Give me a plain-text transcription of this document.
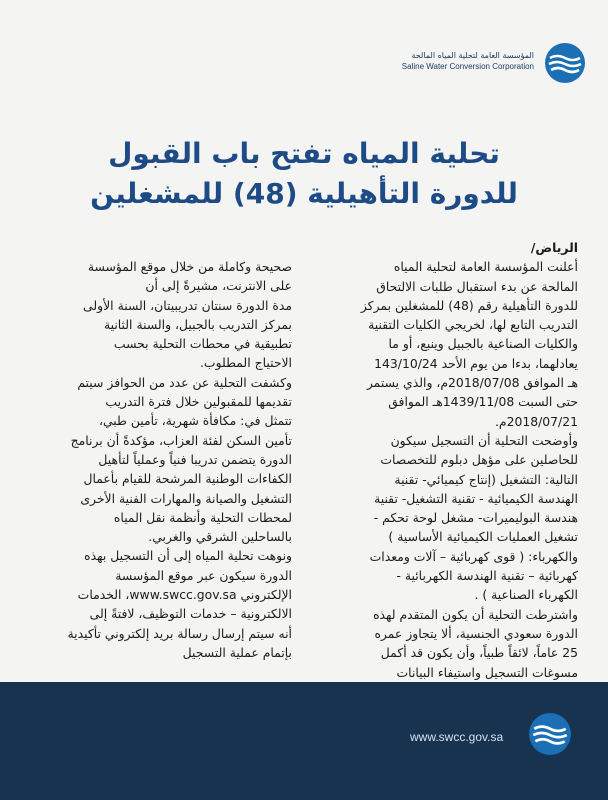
المؤسسة العامة لتحلية المياه المالحة
Saline Water Conversion Corporation
تحلية المياه تفتح باب القبول
للدورة التأهيلية (48) للمشغلين
الرياض/
أعلنت المؤسسة العامة لتحلية المياه
المالحة عن بدء استقبال طلبات الالتحاق
للدورة التأهيلية رقم (48) للمشغلين بمركز
التدريب التابع لها، لخريجي الكليات التقنية
والكليات الصناعية بالجبيل وينبع، أو ما
يعادلهما، بدءا من يوم الأحد 143/10/24
هـ الموافق 2018/07/08م، والذي يستمر
حتى السبت 1439/11/08هـ الموافق
2018/07/21م.
وأوضحت التحلية أن التسجيل سيكون
للحاصلين على مؤهل دبلوم للتخصصات
التالية: التشغيل (إنتاج كيميائي- تقنية
الهندسة الكيميائية - تقنية التشغيل- تقنية
هندسة البوليميرات- مشغل لوحة تحكم -
تشغيل العمليات الكيميائية الأساسية )
والكهرباء: ( قوى كهربائية – آلات ومعدات
كهربائية – تقنية الهندسة الكهربائية -
الكهرباء الصناعية ) .
واشترطت التحلية أن يكون المتقدم لهذه
الدورة سعودي الجنسية، ألا يتجاوز عمره
25 عاماً، لائقاً طبياً، وأن يكون قد أكمل
مسوغات التسجيل واستيفاء البيانات
صحيحة وكاملة من خلال موقع المؤسسة
على الانترنت، مشيرةً إلى أن
مدة الدورة سنتان تدريبيتان، السنة الأولى
بمركز التدريب بالجبيل، والسنة الثانية
تطبيقية في محطات التحلية بحسب
الاحتياج المطلوب.
وكشفت التحلية عن عدد من الحوافز سيتم
تقديمها للمقبولين خلال فترة التدريب
تتمثل في: مكافأة شهرية، تأمين طبي،
تأمين السكن لفئة العزاب، مؤكدةً أن برنامج
الدورة يتضمن تدريبا فنياً وعملياً لتأهيل
الكفاءات الوطنية المرشحة للقيام بأعمال
التشغيل والصيانة والمهارات الفنية الأخرى
لمحطات التحلية وأنظمة نقل المياه
بالساحلين الشرقي والغربي.
ونوهت تحلية المياه إلى أن التسجيل بهذه
الدورة سيكون عبر موقع المؤسسة
الإلكتروني www.swcc.gov.sa، الخدمات
الالكترونية – خدمات التوظيف، لافتةً إلى
أنه سيتم إرسال رسالة بريد إلكتروني تأكيدية
بإتمام عملية التسجيل
www.swcc.gov.sa
